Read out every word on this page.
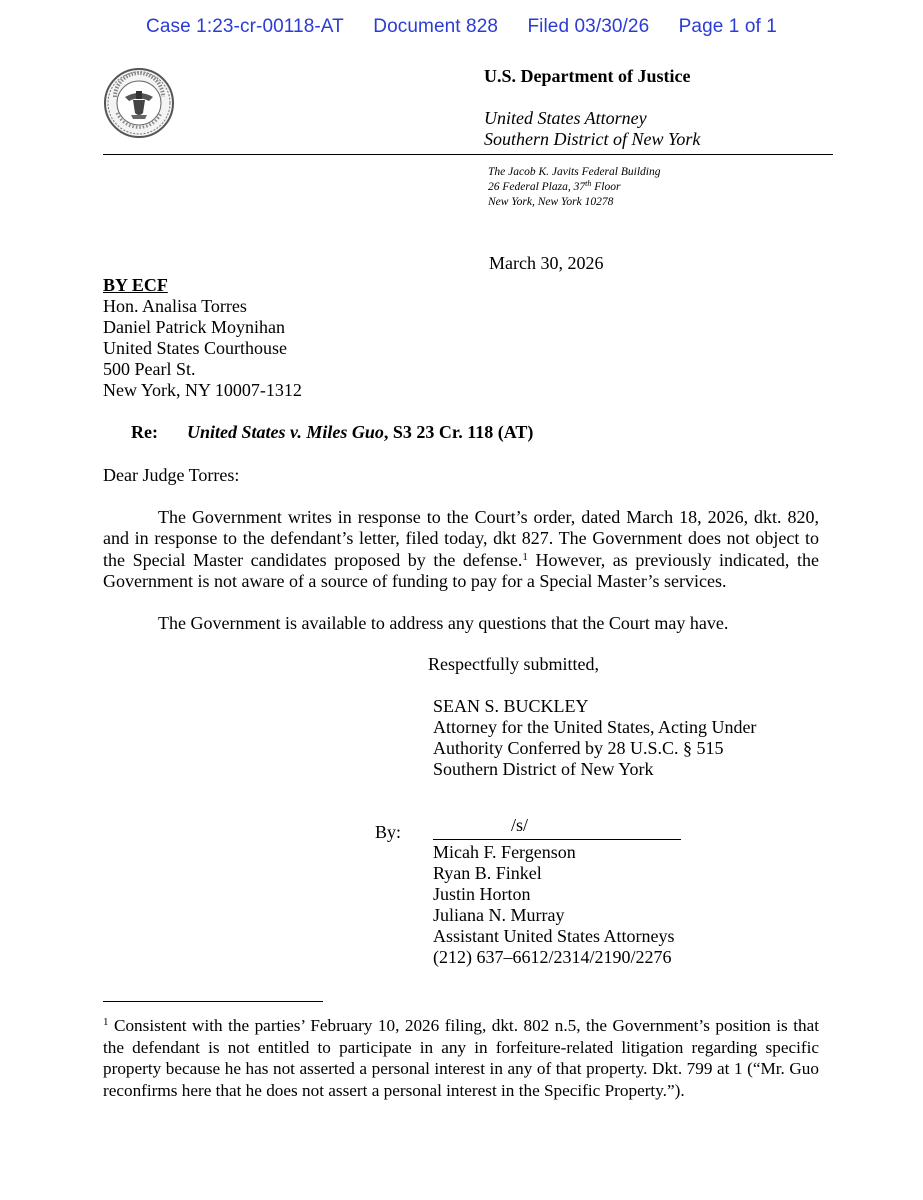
Case 1:23-cr-00118-AT Document 828 Filed 03/30/26 Page 1 of 1
U.S. Department of Justice
United States Attorney
Southern District of New York
The Jacob K. Javits Federal Building
26 Federal Plaza, 37th Floor
New York, New York 10278
March 30, 2026
BY ECF
Hon. Analisa Torres
Daniel Patrick Moynihan
United States Courthouse
500 Pearl St.
New York, NY 10007-1312
Re: United States v. Miles Guo, S3 23 Cr. 118 (AT)
Dear Judge Torres:
The Government writes in response to the Court’s order, dated March 18, 2026, dkt. 820, and in response to the defendant’s letter, filed today, dkt 827. The Government does not object to the Special Master candidates proposed by the defense.$^1$ However, as previously indicated, the Government is not aware of a source of funding to pay for a Special Master’s services.
The Government is available to address any questions that the Court may have.
Respectfully submitted,
SEAN S. BUCKLEY
Attorney for the United States, Acting Under
Authority Conferred by 28 U.S.C. § 515
Southern District of New York
By:	/s/
Micah F. Fergenson
Ryan B. Finkel
Justin Horton
Juliana N. Murray
Assistant United States Attorneys
(212) 637–6612/2314/2190/2276
$^1$ Consistent with the parties’ February 10, 2026 filing, dkt. 802 n.5, the Government’s position is that the defendant is not entitled to participate in any in forfeiture-related litigation regarding specific property because he has not asserted a personal interest in any of that property. Dkt. 799 at 1 (“Mr. Guo reconfirms here that he does not assert a personal interest in the Specific Property.”).
